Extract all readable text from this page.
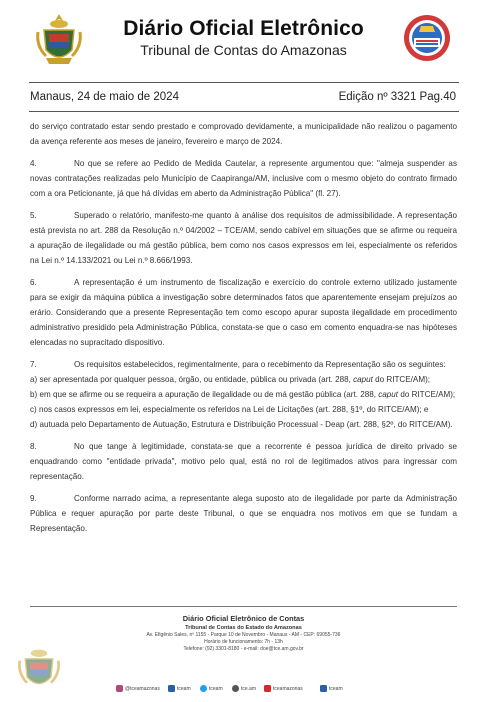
Diário Oficial Eletrônico
Tribunal de Contas do Amazonas
Manaus, 24 de maio de 2024	Edição nº 3321 Pag.40

do serviço contratado estar sendo prestado e comprovado devidamente, a municipalidade não realizou o pagamento da avença referente aos meses de janeiro, fevereiro e março de 2024.

4.	No que se refere ao Pedido de Medida Cautelar, a represente argumentou que: "almeja suspender as novas contratações realizadas pelo Município de Caapiranga/AM, inclusive com o mesmo objeto do contrato firmado com a ora Peticionante, já que há dívidas em aberto da Administração Pública" (fl. 27).

5.	Superado o relatório, manifesto-me quanto à análise dos requisitos de admissibilidade. A representação está prevista no art. 288 da Resolução n.º 04/2002 – TCE/AM, sendo cabível em situações que se afirme ou requeira a apuração de ilegalidade ou má gestão pública, bem como nos casos expressos em lei, especialmente os referidos na Lei n.º 14.133/2021 ou Lei n.º 8.666/1993.

6.	A representação é um instrumento de fiscalização e exercício do controle externo utilizado justamente para se exigir da máquina pública a investigação sobre determinados fatos que aparentemente ensejam prejuízos ao erário. Considerando que a presente Representação tem como escopo apurar suposta ilegalidade em procedimento administrativo presidido pela Administração Pública, constata-se que o caso em comento enquadra-se nas hipóteses elencadas no supracitado dispositivo.

7.	Os requisitos estabelecidos, regimentalmente, para o recebimento da Representação são os seguintes:

a) ser apresentada por qualquer pessoa, órgão, ou entidade, pública ou privada (art. 288, caput do RITCE/AM);

b) em que se afirme ou se requeira a apuração de ilegalidade ou de má gestão pública (art. 288, caput do RITCE/AM);

c) nos casos expressos em lei, especialmente os referidos na Lei de Licitações (art. 288, §1º, do RITCE/AM); e

d) autuada pelo Departamento de Autuação, Estrutura e Distribuição Processual - Deap (art. 288, §2º, do RITCE/AM).

8.	No que tange à legitimidade, constata-se que a recorrente é pessoa jurídica de direito privado se enquadrando como "entidade privada", motivo pelo qual, está no rol de legitimados ativos para ingressar com representação.

9.	Conforme narrado acima, a representante alega suposto ato de ilegalidade por parte da Administração Pública e requer apuração por parte deste Tribunal, o que se enquadra nos motivos em que se fundam a Representação.

Diário Oficial Eletrônico de Contas
Tribunal de Contas do Estado do Amazonas
Av. Efigênio Sales, nº 1155 - Parque 10 de Novembro - Manaus - AM - CEP: 69055-736
Horário de funcionamento: 7h - 13h
Telefone: (92) 3301-8180 - e-mail: doe@tce.am.gov.br
@tceamazonas	tceam	tceam	tce.am	tceamazonas	tceam
